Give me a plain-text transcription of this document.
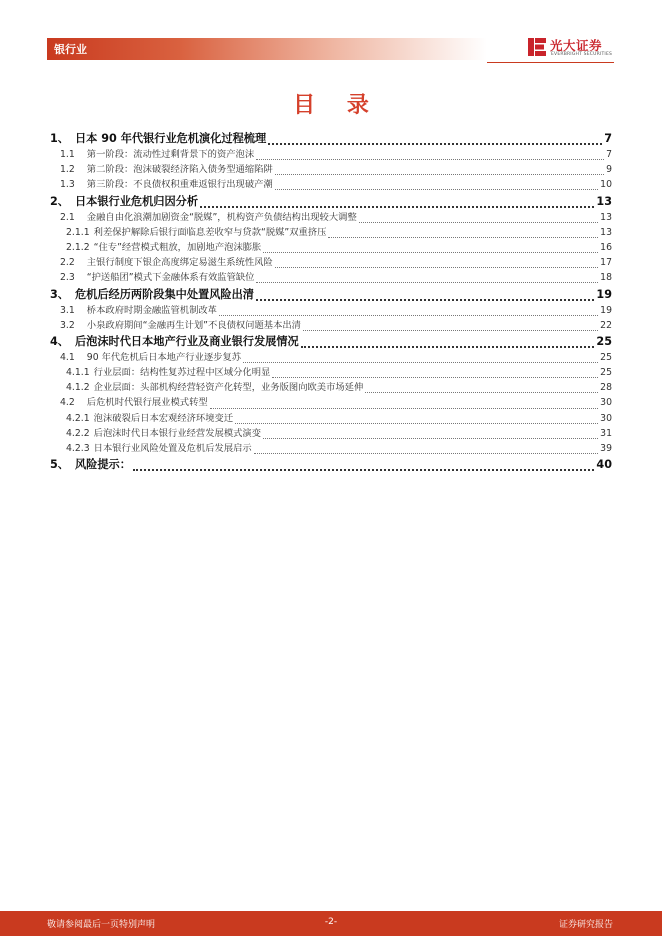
银行业	光大证券
EVERBRIGHT SECURITIES
目 录
1、 日本 90 年代银行业危机演化过程梳理	7
1.1 第一阶段：流动性过剩背景下的资产泡沫	7
1.2 第二阶段：泡沫破裂经济陷入债务型通缩陷阱	9
1.3 第三阶段：不良债权积重难返银行出现破产潮	10
2、 日本银行业危机归因分析	13
2.1 金融自由化浪潮加剧资金“脱媒”，机构资产负债结构出现较大调整	13
2.1.1 利差保护解除后银行面临息差收窄与贷款“脱媒”双重挤压	13
2.1.2 “住专”经营模式粗放，加剧地产泡沫膨胀	16
2.2 主银行制度下银企高度绑定易滋生系统性风险	17
2.3 “护送船团”模式下金融体系有效监管缺位	18
3、 危机后经历两阶段集中处置风险出清	19
3.1 桥本政府时期金融监管机制改革	19
3.2 小泉政府期间“金融再生计划”不良债权问题基本出清	22
4、 后泡沫时代日本地产行业及商业银行发展情况	25
4.1 90 年代危机后日本地产行业逐步复苏	25
4.1.1 行业层面：结构性复苏过程中区域分化明显	25
4.1.2 企业层面：头部机构经营轻资产化转型，业务版图向欧美市场延伸	28
4.2 后危机时代银行展业模式转型	30
4.2.1 泡沫破裂后日本宏观经济环境变迁	30
4.2.2 后泡沫时代日本银行业经营发展模式演变	31
4.2.3 日本银行业风险处置及危机后发展启示	39
5、 风险提示：	40
敬请参阅最后一页特别声明	-2-	证券研究报告
